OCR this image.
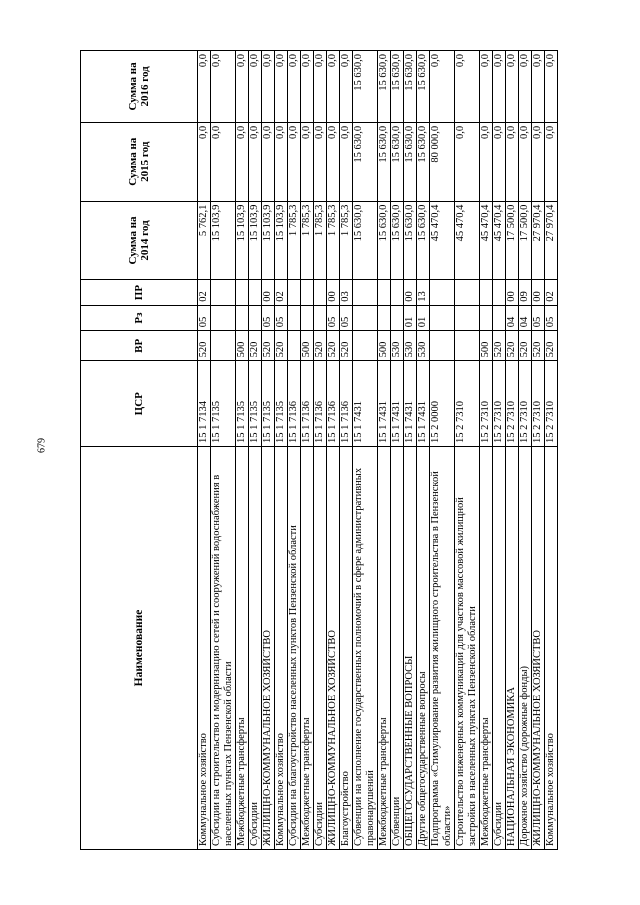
679
Наименование	ЦСР	ВР	Рз	ПР	Сумма на 2014 год	Сумма на 2015 год	Сумма на 2016 год
Коммунальное хозяйство	15 1 7134	520	05	02	5 762,1	0,0	0,0
Субсидии на строительство и модернизацию сетей и сооружений водоснабжения в населенных пунктах Пензенской области	15 1 7135				15 103,9	0,0	0,0
Межбюджетные трансферты	15 1 7135	500			15 103,9	0,0	0,0
Субсидии	15 1 7135	520			15 103,9	0,0	0,0
ЖИЛИЩНО-КОММУНАЛЬНОЕ ХОЗЯЙСТВО	15 1 7135	520	05	00	15 103,9	0,0	0,0
Коммунальное хозяйство	15 1 7135	520	05	02	15 103,9	0,0	0,0
Субсидии на благоустройство населенных пунктов Пензенской области	15 1 7136				1 785,3	0,0	0,0
Межбюджетные трансферты	15 1 7136	500			1 785,3	0,0	0,0
Субсидии	15 1 7136	520			1 785,3	0,0	0,0
ЖИЛИЩНО-КОММУНАЛЬНОЕ ХОЗЯЙСТВО	15 1 7136	520	05	00	1 785,3	0,0	0,0
Благоустройство	15 1 7136	520	05	03	1 785,3	0,0	0,0
Субвенции на исполнение государственных полномочий в сфере административных правонарушений	15 1 7431				15 630,0	15 630,0	15 630,0
Межбюджетные трансферты	15 1 7431	500			15 630,0	15 630,0	15 630,0
Субвенции	15 1 7431	530			15 630,0	15 630,0	15 630,0
ОБЩЕГОСУДАРСТВЕННЫЕ ВОПРОСЫ	15 1 7431	530	01	00	15 630,0	15 630,0	15 630,0
Другие общегосударственные вопросы	15 1 7431	530	01	13	15 630,0	15 630,0	15 630,0
Подпрограмма «Стимулирование развития жилищного строительства в Пензенской области»	15 2 0000				45 470,4	80 000,0	0,0
Строительство инженерных коммуникаций для участков массовой жилищной застройки в населенных пунктах Пензенской области	15 2 7310				45 470,4	0,0	0,0
Межбюджетные трансферты	15 2 7310	500			45 470,4	0,0	0,0
Субсидии	15 2 7310	520			45 470,4	0,0	0,0
НАЦИОНАЛЬНАЯ ЭКОНОМИКА	15 2 7310	520	04	00	17 500,0	0,0	0,0
Дорожное хозяйство (дорожные фонды)	15 2 7310	520	04	09	17 500,0	0,0	0,0
ЖИЛИЩНО-КОММУНАЛЬНОЕ ХОЗЯЙСТВО	15 2 7310	520	05	00	27 970,4	0,0	0,0
Коммунальное хозяйство	15 2 7310	520	05	02	27 970,4	0,0	0,0
